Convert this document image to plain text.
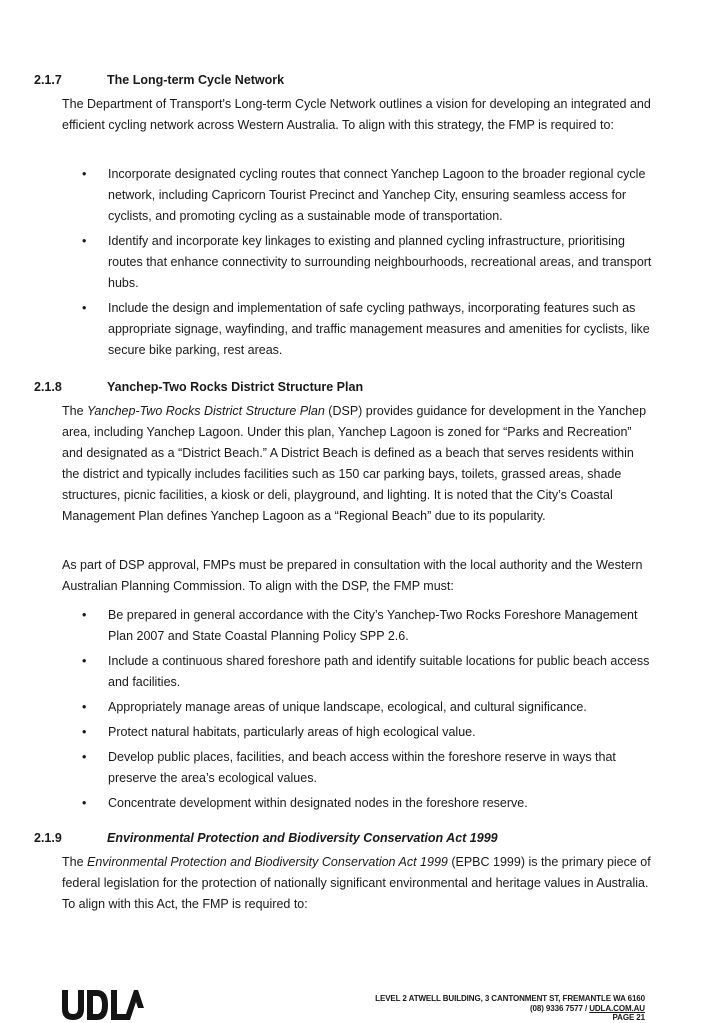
2.1.7	The Long-term Cycle Network

The Department of Transport's Long-term Cycle Network outlines a vision for developing an integrated and efficient cycling network across Western Australia. To align with this strategy, the FMP is required to:

• Incorporate designated cycling routes that connect Yanchep Lagoon to the broader regional cycle network, including Capricorn Tourist Precinct and Yanchep City, ensuring seamless access for cyclists, and promoting cycling as a sustainable mode of transportation.
• Identify and incorporate key linkages to existing and planned cycling infrastructure, prioritising routes that enhance connectivity to surrounding neighbourhoods, recreational areas, and transport hubs.
• Include the design and implementation of safe cycling pathways, incorporating features such as appropriate signage, wayfinding, and traffic management measures and amenities for cyclists, like secure bike parking, rest areas.
2.1.8	Yanchep-Two Rocks District Structure Plan

The Yanchep-Two Rocks District Structure Plan (DSP) provides guidance for development in the Yanchep area, including Yanchep Lagoon. Under this plan, Yanchep Lagoon is zoned for “Parks and Recreation” and designated as a “District Beach.” A District Beach is defined as a beach that serves residents within the district and typically includes facilities such as 150 car parking bays, toilets, grassed areas, shade structures, picnic facilities, a kiosk or deli, playground, and lighting. It is noted that the City’s Coastal Management Plan defines Yanchep Lagoon as a “Regional Beach” due to its popularity.

As part of DSP approval, FMPs must be prepared in consultation with the local authority and the Western Australian Planning Commission. To align with the DSP, the FMP must:

• Be prepared in general accordance with the City’s Yanchep-Two Rocks Foreshore Management Plan 2007 and State Coastal Planning Policy SPP 2.6.
• Include a continuous shared foreshore path and identify suitable locations for public beach access and facilities.
• Appropriately manage areas of unique landscape, ecological, and cultural significance.
• Protect natural habitats, particularly areas of high ecological value.
• Develop public places, facilities, and beach access within the foreshore reserve in ways that preserve the area’s ecological values.
• Concentrate development within designated nodes in the foreshore reserve.
2.1.9	Environmental Protection and Biodiversity Conservation Act 1999

The Environmental Protection and Biodiversity Conservation Act 1999 (EPBC 1999) is the primary piece of federal legislation for the protection of nationally significant environmental and heritage values in Australia. To align with this Act, the FMP is required to:

LEVEL 2 ATWELL BUILDING, 3 CANTONMENT ST, FREMANTLE WA 6160
(08) 9336 7577 / UDLA.COM.AU
PAGE 21
